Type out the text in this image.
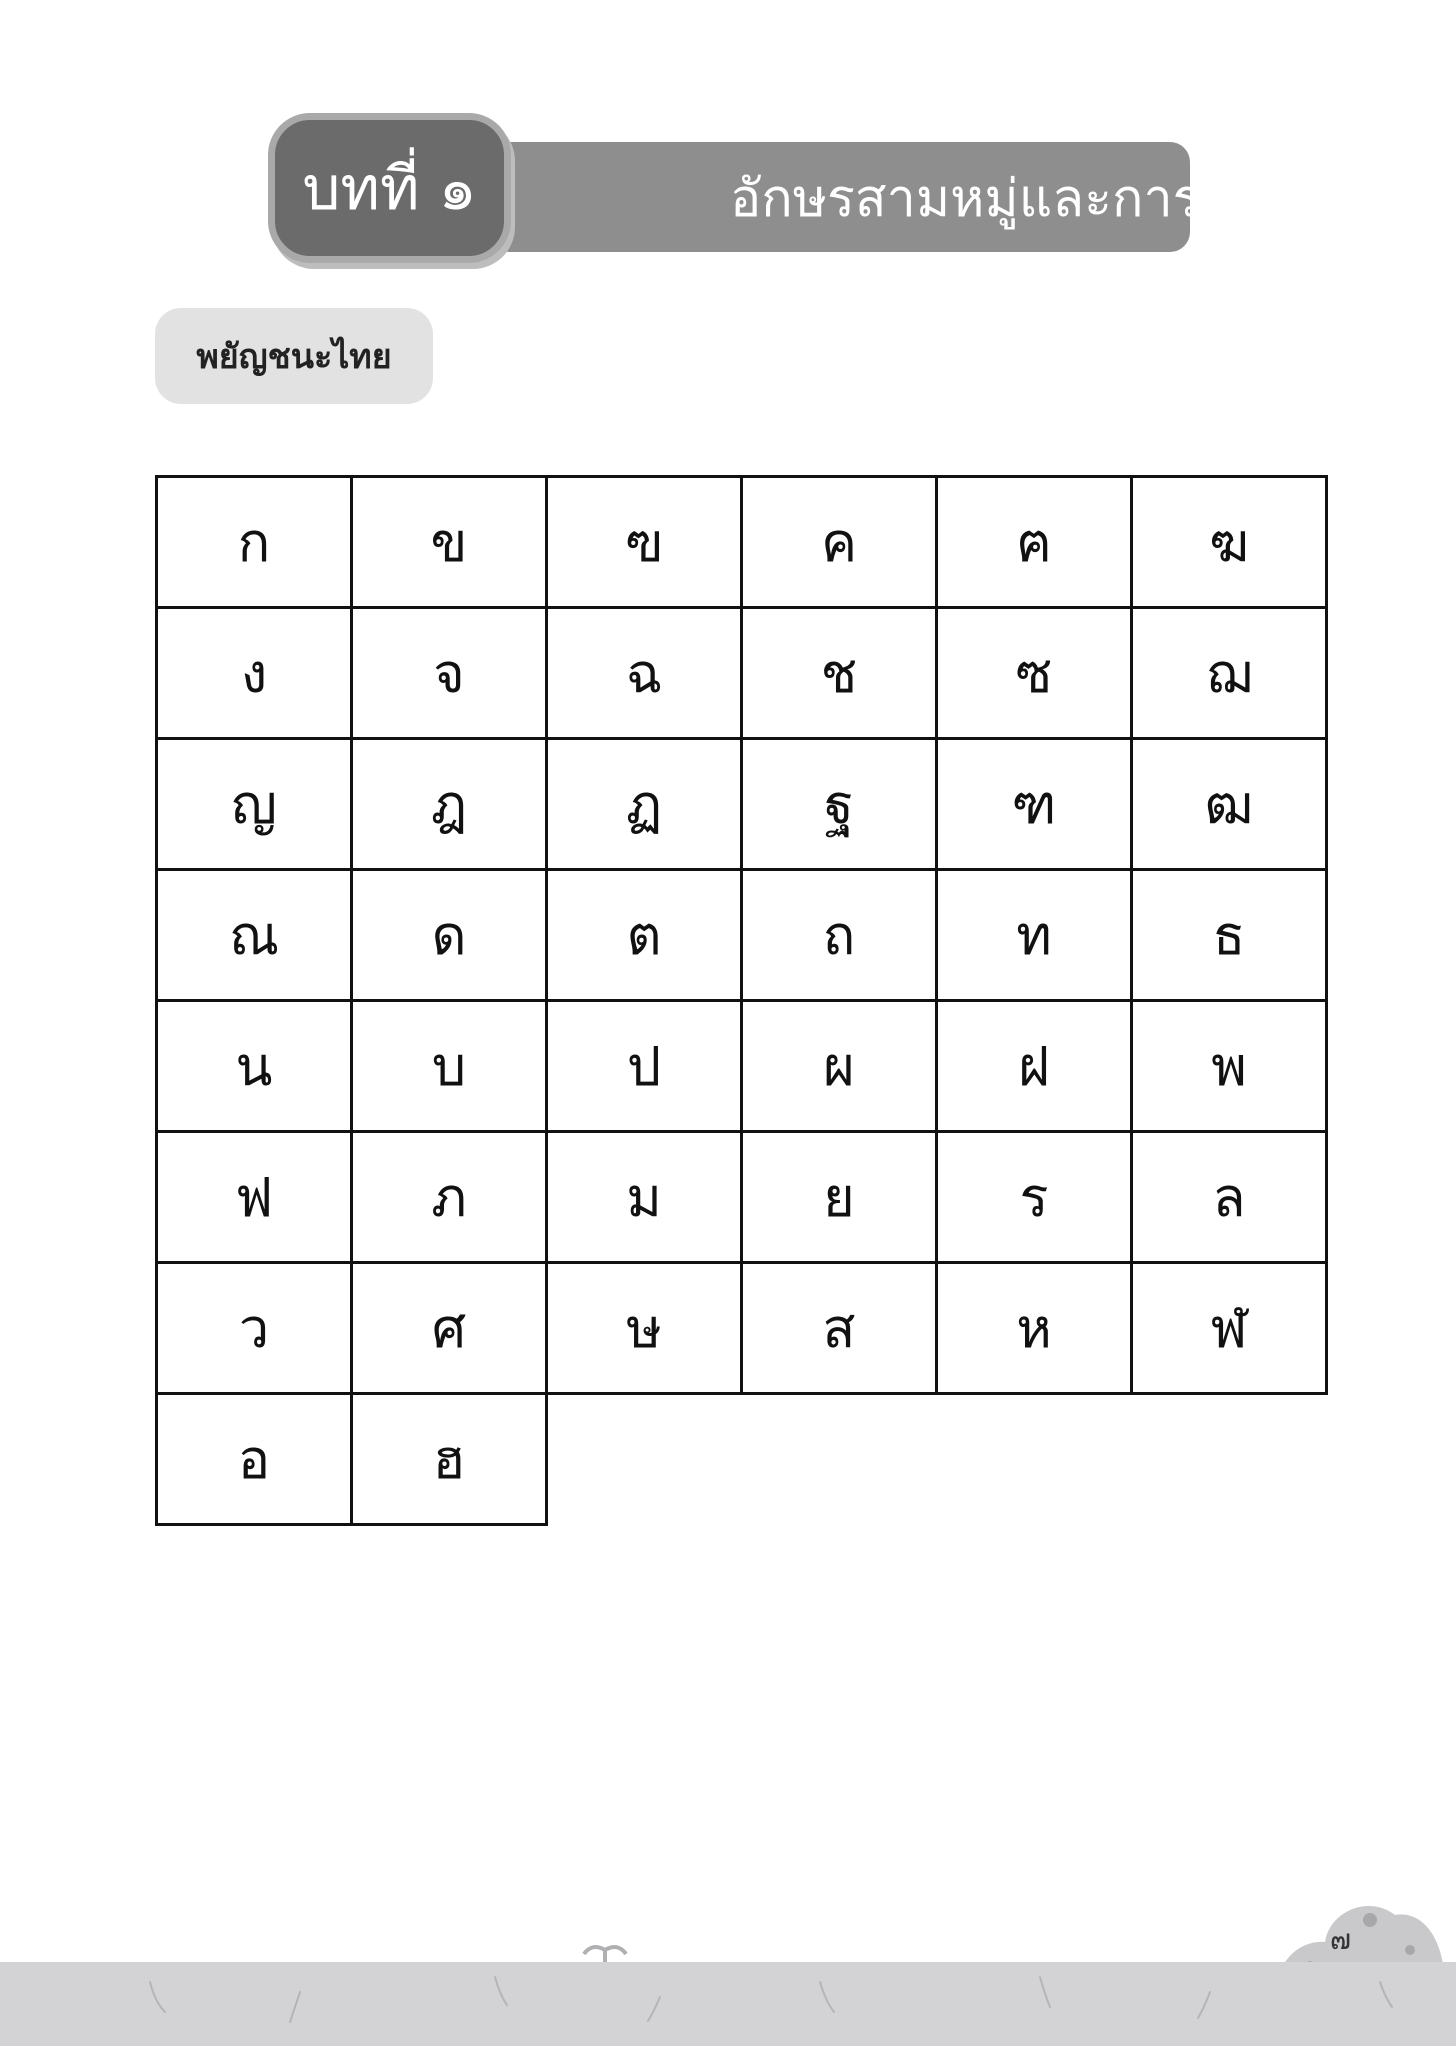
อักษรสามหมู่และการผันอักษร
บทที่ ๑
พยัญชนะไทย
ก	ข	ฃ	ค	ฅ	ฆ
ง	จ	ฉ	ช	ซ	ฌ
ญ	ฎ	ฏ	ฐ	ฑ	ฒ
ณ	ด	ต	ถ	ท	ธ
น	บ	ป	ผ	ฝ	พ
ฟ	ภ	ม	ย	ร	ล
ว	ศ	ษ	ส	ห	ฬ
อ	ฮ
๗
